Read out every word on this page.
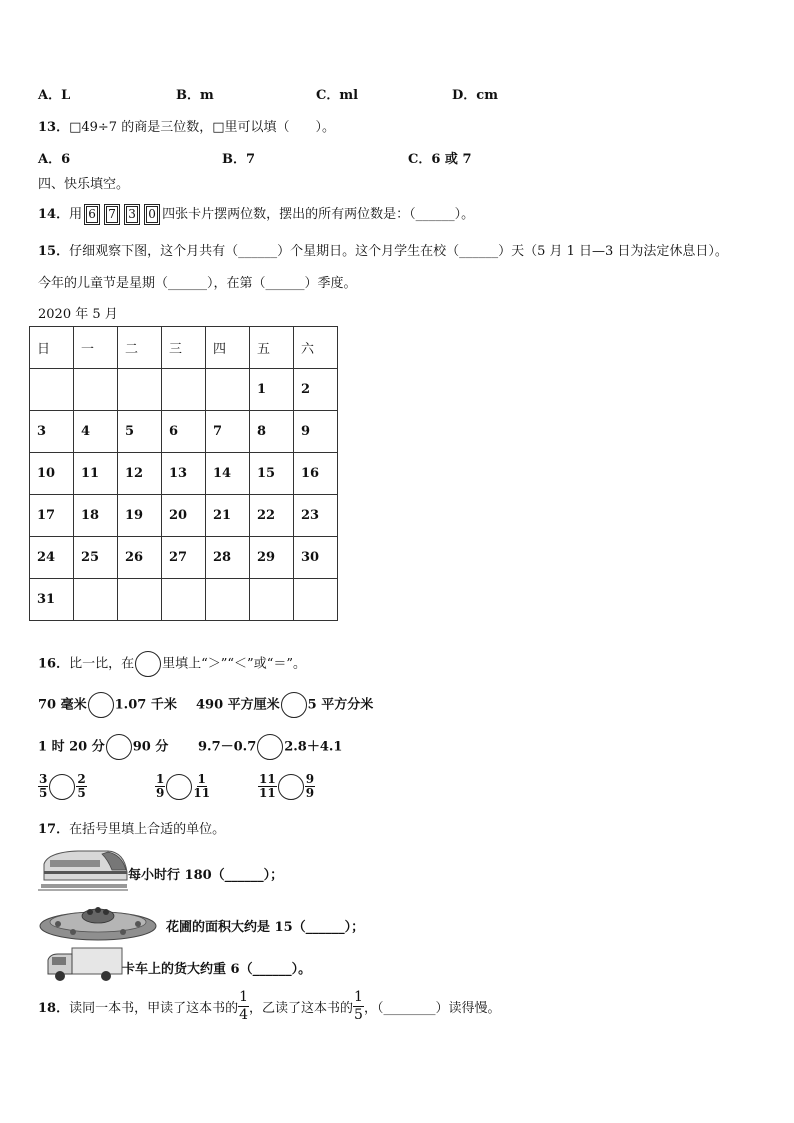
A．L	B．m	C．ml	D．cm
13．□49÷7 的商是三位数，□里可以填（　　）。
A．6	B．7	C．6 或 7
四、快乐填空。
14．用 6 7 3 0 四张卡片摆两位数，摆出的所有两位数是：（______）。
15．仔细观察下图，这个月共有（______）个星期日。这个月学生在校（______）天（5 月 1 日—3 日为法定休息日）。
今年的儿童节是星期（______），在第（______）季度。
2020 年 5 月
日	一	二	三	四	五	六
					1	2
3	4	5	6	7	8	9
10	11	12	13	14	15	16
17	18	19	20	21	22	23
24	25	26	27	28	29	30
31						
16．比一比，在 里填上“＞”“＜”或“＝”。
70 毫米 1.07 千米 490 平方厘米 5 平方分米
1 时 20 分 90 分 9.7－0.7 2.8＋4.1
$\frac{3}{5} \frac{2}{5}$	$\frac{1}{9} \frac{1}{11}$	$\frac{11}{11} \frac{9}{9}$
17．在括号里填上合适的单位。
每小时行 180（______）；
花圃的面积大约是 15（______）；
卡车上的货大约重 6（______）。
18． 读同一本书，甲读了这本书的 $\frac{1}{4}$ ，乙读了这本书的 $\frac{1}{5}$ ，（________）读得慢。
